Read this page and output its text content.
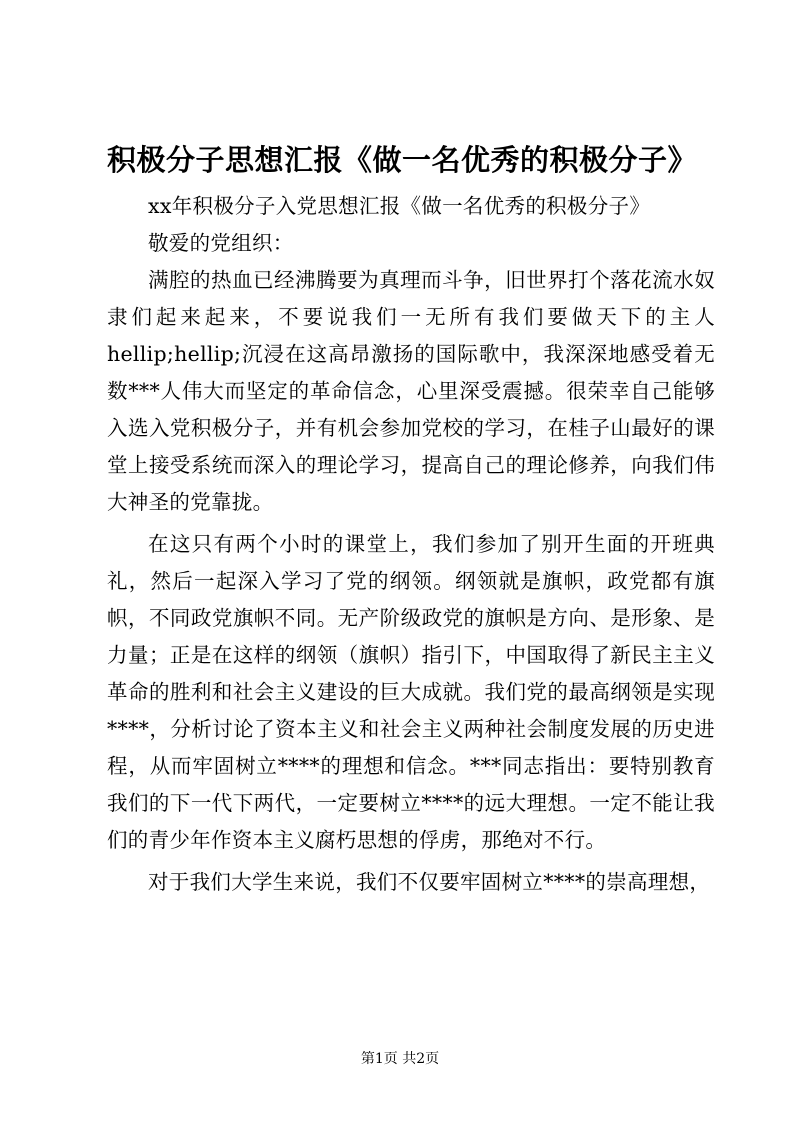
积极分子思想汇报《做一名优秀的积极分子》

xx年积极分子入党思想汇报《做一名优秀的积极分子》

敬爱的党组织：

满腔的热血已经沸腾要为真理而斗争，旧世界打个落花流水奴隶们起来起来，不要说我们一无所有我们要做天下的主人hellip;hellip;沉浸在这高昂激扬的国际歌中，我深深地感受着无数***人伟大而坚定的革命信念，心里深受震撼。很荣幸自己能够入选入党积极分子，并有机会参加党校的学习，在桂子山最好的课堂上接受系统而深入的理论学习，提高自己的理论修养，向我们伟大神圣的党靠拢。

在这只有两个小时的课堂上，我们参加了别开生面的开班典礼，然后一起深入学习了党的纲领。纲领就是旗帜，政党都有旗帜，不同政党旗帜不同。无产阶级政党的旗帜是方向、是形象、是力量；正是在这样的纲领（旗帜）指引下，中国取得了新民主主义革命的胜利和社会主义建设的巨大成就。我们党的最高纲领是实现****，分析讨论了资本主义和社会主义两种社会制度发展的历史进程，从而牢固树立****的理想和信念。***同志指出：要特别教育我们的下一代下两代，一定要树立****的远大理想。一定不能让我们的青少年作资本主义腐朽思想的俘虏，那绝对不行。

对于我们大学生来说，我们不仅要牢固树立****的崇高理想，

第1页 共2页
